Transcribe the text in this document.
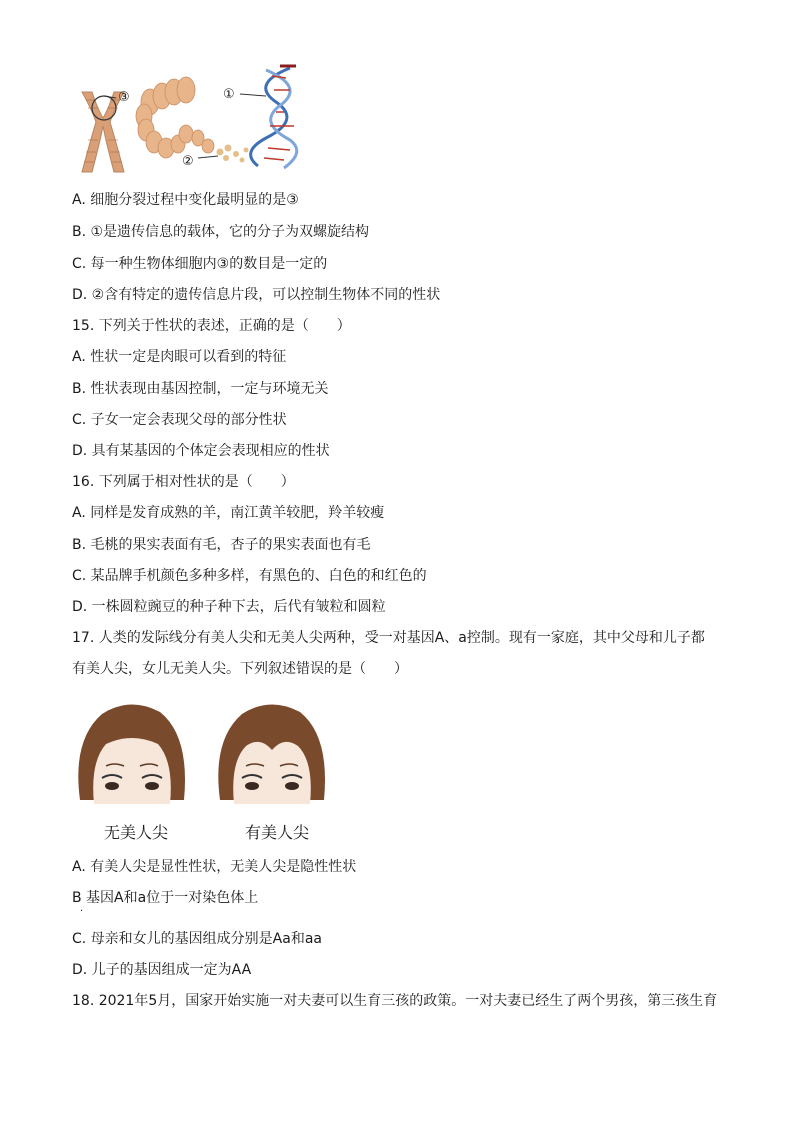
③	①
②
A. 细胞分裂过程中变化最明显的是③
B. ①是遗传信息的载体，它的分子为双螺旋结构
C. 每一种生物体细胞内③的数目是一定的
D. ②含有特定的遗传信息片段，可以控制生物体不同的性状
15. 下列关于性状的表述，正确的是（　　）
A. 性状一定是肉眼可以看到的特征
B. 性状表现由基因控制，一定与环境无关
C. 子女一定会表现父母的部分性状
D. 具有某基因的个体定会表现相应的性状
16. 下列属于相对性状的是（　　）
A. 同样是发育成熟的羊，南江黄羊较肥，羚羊较瘦
B. 毛桃的果实表面有毛，杏子的果实表面也有毛
C. 某品牌手机颜色多种多样，有黑色的、白色的和红色的
D. 一株圆粒豌豆的种子种下去，后代有皱粒和圆粒
17. 人类的发际线分有美人尖和无美人尖两种，受一对基因A、a控制。现有一家庭，其中父母和儿子都
有美人尖，女儿无美人尖。下列叙述错误的是（　　）
无美人尖	有美人尖
A. 有美人尖是显性性状，无美人尖是隐性性状
B 基因A和a位于一对染色体上
·
C. 母亲和女儿的基因组成分别是Aa和aa
D. 儿子的基因组成一定为AA
18. 2021年5月，国家开始实施一对夫妻可以生育三孩的政策。一对夫妻已经生了两个男孩，第三孩生育
